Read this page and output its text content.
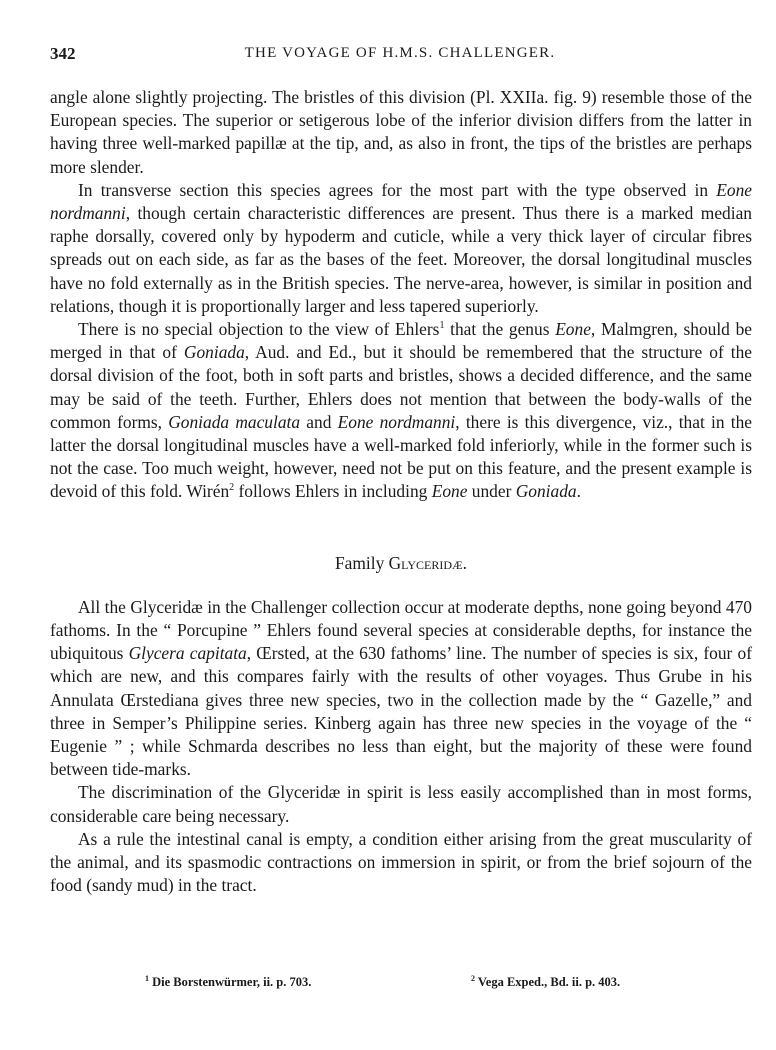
342	THE VOYAGE OF H.M.S. CHALLENGER.

angle alone slightly projecting. The bristles of this division (Pl. XXIIa. fig. 9) resemble those of the European species. The superior or setigerous lobe of the inferior division differs from the latter in having three well-marked papillæ at the tip, and, as also in front, the tips of the bristles are perhaps more slender.

In transverse section this species agrees for the most part with the type observed in Eone nordmanni, though certain characteristic differences are present. Thus there is a marked median raphe dorsally, covered only by hypoderm and cuticle, while a very thick layer of circular fibres spreads out on each side, as far as the bases of the feet. Moreover, the dorsal longitudinal muscles have no fold externally as in the British species. The nerve-area, however, is similar in position and relations, though it is proportionally larger and less tapered superiorly.

There is no special objection to the view of Ehlers$^1$ that the genus Eone, Malmgren, should be merged in that of Goniada, Aud. and Ed., but it should be remembered that the structure of the dorsal division of the foot, both in soft parts and bristles, shows a decided difference, and the same may be said of the teeth. Further, Ehlers does not mention that between the body-walls of the common forms, Goniada maculata and Eone nordmanni, there is this divergence, viz., that in the latter the dorsal longitudinal muscles have a well-marked fold inferiorly, while in the former such is not the case. Too much weight, however, need not be put on this feature, and the present example is devoid of this fold. Wirén$^2$ follows Ehlers in including Eone under Goniada.

Family Glyceridæ.

All the Glyceridæ in the Challenger collection occur at moderate depths, none going beyond 470 fathoms. In the “ Porcupine ” Ehlers found several species at considerable depths, for instance the ubiquitous Glycera capitata, Œrsted, at the 630 fathoms’ line. The number of species is six, four of which are new, and this compares fairly with the results of other voyages. Thus Grube in his Annulata Œrstediana gives three new species, two in the collection made by the “ Gazelle,” and three in Semper’s Philippine series. Kinberg again has three new species in the voyage of the “ Eugenie ” ; while Schmarda describes no less than eight, but the majority of these were found between tide-marks.

The discrimination of the Glyceridæ in spirit is less easily accomplished than in most forms, considerable care being necessary.

As a rule the intestinal canal is empty, a condition either arising from the great muscularity of the animal, and its spasmodic contractions on immersion in spirit, or from the brief sojourn of the food (sandy mud) in the tract.

$^1$ Die Borstenwürmer, ii. p. 703.	$^2$ Vega Exped., Bd. ii. p. 403.
